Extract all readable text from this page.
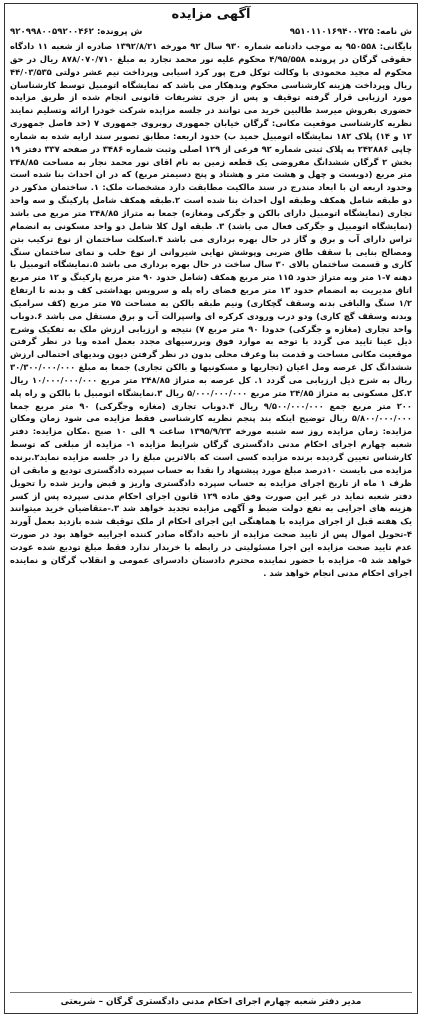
آگهی مزایده
ش نامه: ۹۵۱۰۱۱۰۱۶۹۴۰۰۷۲۵
ش پرونده: ۹۲۰۹۹۸۰۰۵۹۲۰۰۴۶۲
بایگانی: ۹۵۰۵۵۸ به موجب دادنامه شماره ۹۳۰ سال ۹۲ مورخه ۱۳۹۲/۸/۲۱ صادره از شعبه ۱۱ دادگاه حقوقی گرگان در پرونده ۴/۹۵/۵۵۸ محکوم علیه نور محمد نجارد به مبلغ ۸۷۸/۰۷۰/۷۱۰ ریال در حق محکوم له مجید محمودی با وکالت توکل فرج پور کرد اسیابی وپرداخت نیم عشر دولتی ۴۴/۰۳/۵۳۵ ریال وپرداخت هزینه کارشناسی محکوم وبدهکار می باشد که نمایشگاه اتومبیل توسط کارشناسان مورد ارزیابی قرار گرفته توقیف و پس از جری تشریفات قانونی انجام شده از طریق مزایده حضوری بفروش میرسد طالبین خرید می توانند در جلسه مزایده شرکت خودرا ارائه وتسلیم نمایند نظریه کارشناسی موقعیت مکانی: گرگان خیابان جمهوری روبروی جمهوری ۷ (حد فاصل جمهوری ۱۲ و ۱۴) پلاک ۱۸۲ نمایشگاه اتومبیل حمید ب) حدود اربعه: مطابق تصویر سند ارایه شده به شماره چاپی ۲۴۲۸۸۶ به پلاک ثبتی شماره ۹۲ فرعی از ۱۲۹ اصلی وثبت شماره ۳۴۸۶ در صفحه ۳۳۷ دفتر ۱۹ بخش ۲ گرگان ششدانگ مفروضی یک قطعه زمین به نام اقای نور محمد نجار به مساحت ۲۴۸/۸۵ متر مربع (دویست و چهل و هشت متر و هشتاد و پنج دسیمتر مربع) که در ان احداث بنا شده است وحدود اربعه ان با ابعاد مندرج در سند مالکیت مطابقت دارد مشخصات ملک: ۱. ساختمان مذکور در دو طبقه شامل همکف وطبقه اول احداث بنا شده است ۲.طبقه همکف شامل پارکینگ و سه واحد تجاری (نمایشگاه اتومبیل دارای بالکن و جگرکی ومغازه) جمعا به متراژ ۲۴۸/۸۵ متر مربع می باشد (نمایشگاه اتومبیل و جگرکی فعال می باشد) ۳. طبقه اول کلا شامل دو واحد مسکونی به انضمام تراس دارای آب و برق و گاز در حال بهره برداری می باشد ۴.اسکلت ساختمان از نوع ترکیب بتن ومصالح بنایی با سقف طاق ضربی وپوشش نهایی شیروانی از نوع حلب و نمای ساختمان سنگ کاری و قسمت ساختمان بالای ۳۰ سال ساخت در حال بهره برداری می باشد ۵.نمایشگاه اتومبیل با دهنه ۷-۱ متر وبه متراژ حدود ۱۱۵ متر مربع همکف (شامل حدود ۹۰ متر مربع پارکینگ و ۱۲ متر مربع اتاق مدیریت به انضمام حدود ۱۳ متر مربع فضای راه پله و سرویس بهداشتی کف و بدنه تا ارتفاع ۱/۲ سنگ والباقی بدنه وسقف گچکاری) ونیم طبقه بالکن به مساحت ۷۵ متر مربع (کف سرامیک وبدنه وسقف گچ کاری) ودو درب ورودی کرکره ای واسپرالت آب و برق مستقل می باشد ۶.دوباب واحد تجاری (مغازه و جگرکی) حدودا ۹۰ متر مربع ۷) نتیجه و ارزیابی ارزش ملک به تفکیک وشرح ذیل عینا تایید می گردد با توجه به موارد فوق وبررسیهای مجدد بعمل امده وبا در نظر گرفتن موقعیت مکانی مساحت و قدمت بنا وعرف محلی بدون در نظر گرفتن دیون وبدیهای احتمالی ارزش ششدانگ کل عرصه ومل اعیان (تجاریها و مسکونیها و بالکن تجاری) جمعا به مبلغ ۳۰/۳۰۰/۰۰۰/۰۰۰ ریال به شرح ذیل ارزیابی می گردد ۱. کل عرصه به متراژ ۲۴۸/۸۵ متر مربع ۱۰/۰۰۰/۰۰۰/۰۰۰ ریال ۲.کل مسکونی به متراژ ۲۴/۸۵ متر مربع ۵/۰۰۰/۰۰۰/۰۰۰ ریال ۳.نمایشگاه اتومبیل با بالکن و راه پله ۲۰۰ متر مربع جمع ۹/۵۰۰/۰۰۰/۰۰۰ ریال ۴.دوباب تجاری (مغازه وجگرکی) ۹۰ متر مربع جمعا ۵/۸۰۰/۰۰۰/۰۰۰ ریال توضیح اینکه بند پنجم نظریه کارشناسی فقط مزایده می شود زمان ومکان مزایده: زمان مزایده روز سه شنبه مورخه ۱۳۹۵/۹/۲۳ ساعت ۹ الی ۱۰ صبح .مکان مزایده: دفتر شعبه چهارم اجرای احکام مدنی دادگستری گرگان شرایط مزایده ۱- مزایده از مبلغی که توسط کارشناس تعیین گردیده برنده مزایده کسی است که بالاترین مبلغ را در جلسه مزایده نماید۲.برنده مزایده می بایست ۱۰درصد مبلغ مورد پیشنهاد را نقدا به حساب سپرده دادگستری تودیع و مابقی ان ظرف ۱ ماه از تاریخ اجرای مزایده به حساب سپرده دادگستری واریز و قبض واریز شده را تحویل دفتر شعبه نماید در غیر این صورت وفق ماده ۱۲۹ قانون اجرای احکام مدنی سپرده پس از کسر هزینه های اجرایی به نفع دولت ضبط و آگهی مزایده تجدید خواهد شد ۳.-متقاضیان خرید میتوانند یک هفته قبل از اجرای مزایده با هماهنگی این اجرای احکام از ملک توقیف شده بازدید بعمل آورند ۴-تحویل اموال پس از تایید صحت مزایده از ناحیه دادگاه صادر کننده اجراییه خواهد بود در صورت عدم تایید صحت مزایده این اجرا مسئولیتی در رابطه با خریدار ندارد فقط مبلغ تودیع شده عودت خواهد شد ۵- مزایده با حضور نماینده محترم دادستان دادسرای عمومی و انقلاب گرگان و نماینده اجرای احکام مدنی انجام خواهد شد .
مدیر دفتر شعبه چهارم اجرای احکام مدنی دادگستری گرگان – شریعتی
